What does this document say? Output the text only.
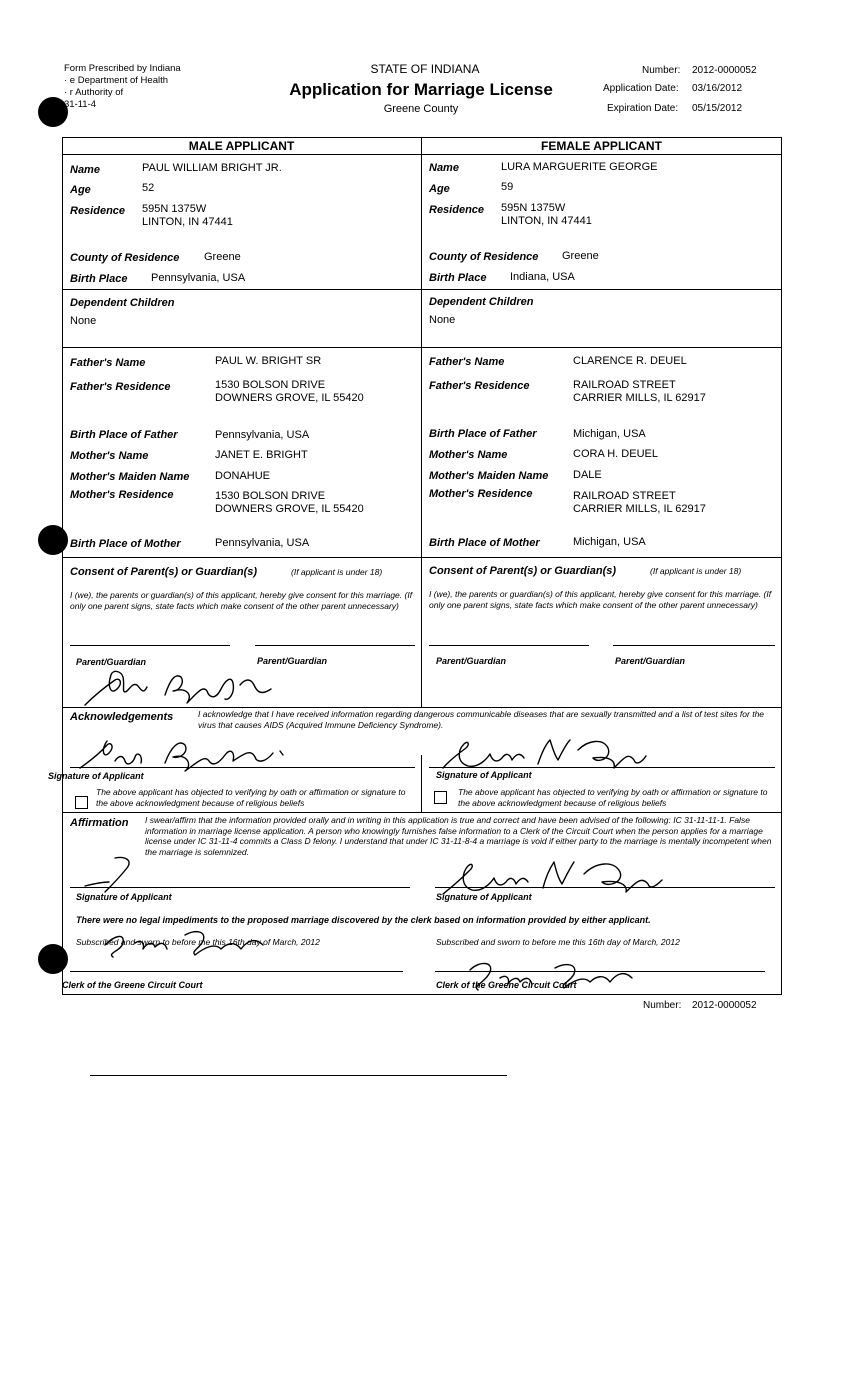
Form Prescribed by Indiana
· e Department of Health
· r Authority of
31-11-4
STATE OF INDIANA
Application for Marriage License
Greene County
Number: 2012-0000052
Application Date: 03/16/2012
Expiration Date: 05/15/2012
MALE APPLICANT	FEMALE APPLICANT
Name	PAUL WILLIAM BRIGHT JR.
Age	52
Residence 595N 1375W
LINTON, IN 47441
County of Residence Greene
Birth Place Pennsylvania, USA
Dependent Children
None
Father's Name	PAUL W. BRIGHT SR
Father's Residence	1530 BOLSON DRIVE
DOWNERS GROVE, IL 55420
Birth Place of Father	Pennsylvania, USA
Mother's Name	JANET E. BRIGHT
Mother's Maiden Name DONAHUE
Mother's Residence	1530 BOLSON DRIVE
DOWNERS GROVE, IL 55420
Birth Place of Mother	Pennsylvania, USA
Name	LURA MARGUERITE GEORGE
Age	59
Residence 595N 1375W
LINTON, IN 47441
County of Residence Greene
Birth Place Indiana, USA
Dependent Children
None
Father's Name	CLARENCE R. DEUEL
Father's Residence	RAILROAD STREET
CARRIER MILLS, IL 62917
Birth Place of Father	Michigan, USA
Mother's Name	CORA H. DEUEL
Mother's Maiden Name DALE
Mother's Residence	RAILROAD STREET
CARRIER MILLS, IL 62917
Birth Place of Mother	Michigan, USA
Consent of Parent(s) or Guardian(s)	(If applicant is under 18)
I (we), the parents or guardian(s) of this applicant, hereby give consent for this marriage. (If only one parent signs, state facts which make consent of the other parent unnecessary)
Parent/Guardian	Parent/Guardian
Consent of Parent(s) or Guardian(s)	(If applicant is under 18)
I (we), the parents or guardian(s) of this applicant, hereby give consent for this marriage. (If only one parent signs, state facts which make consent of the other parent unnecessary)
Parent/Guardian	Parent/Guardian
Acknowledgements	I acknowledge that I have received information regarding dangerous communicable diseases that are sexually transmitted and a list of test sites for the virus that causes AIDS (Acquired Immune Deficiency Syndrome).
Signature of Applicant	Signature of Applicant
The above applicant has objected to verifying by oath or affirmation or signature to the above acknowledgment because of religious beliefs
The above applicant has objected to verifying by oath or affirmation or signature to the above acknowledgment because of religious beliefs
Affirmation I swear/affirm that the information provided orally and in writing in this application is true and correct and have been advised of the following: IC 31-11-11-1. False information in marriage license application. A person who knowingly furnishes false information to a Clerk of the Circuit Court when the person applies for a marriage license under IC 31-11-4 commits a Class D felony. I understand that under IC 31-11-8-4 a marriage is void if either party to the marriage is mentally incompetent when the marriage is solemnized.
Signature of Applicant	Signature of Applicant
There were no legal impediments to the proposed marriage discovered by the clerk based on information provided by either applicant.
Subscribed and sworn to before me this 16th day of March, 2012	Subscribed and sworn to before me this 16th day of March, 2012
Clerk of the Greene Circuit Court	Clerk of the Greene Circuit Court
Number: 2012-0000052
